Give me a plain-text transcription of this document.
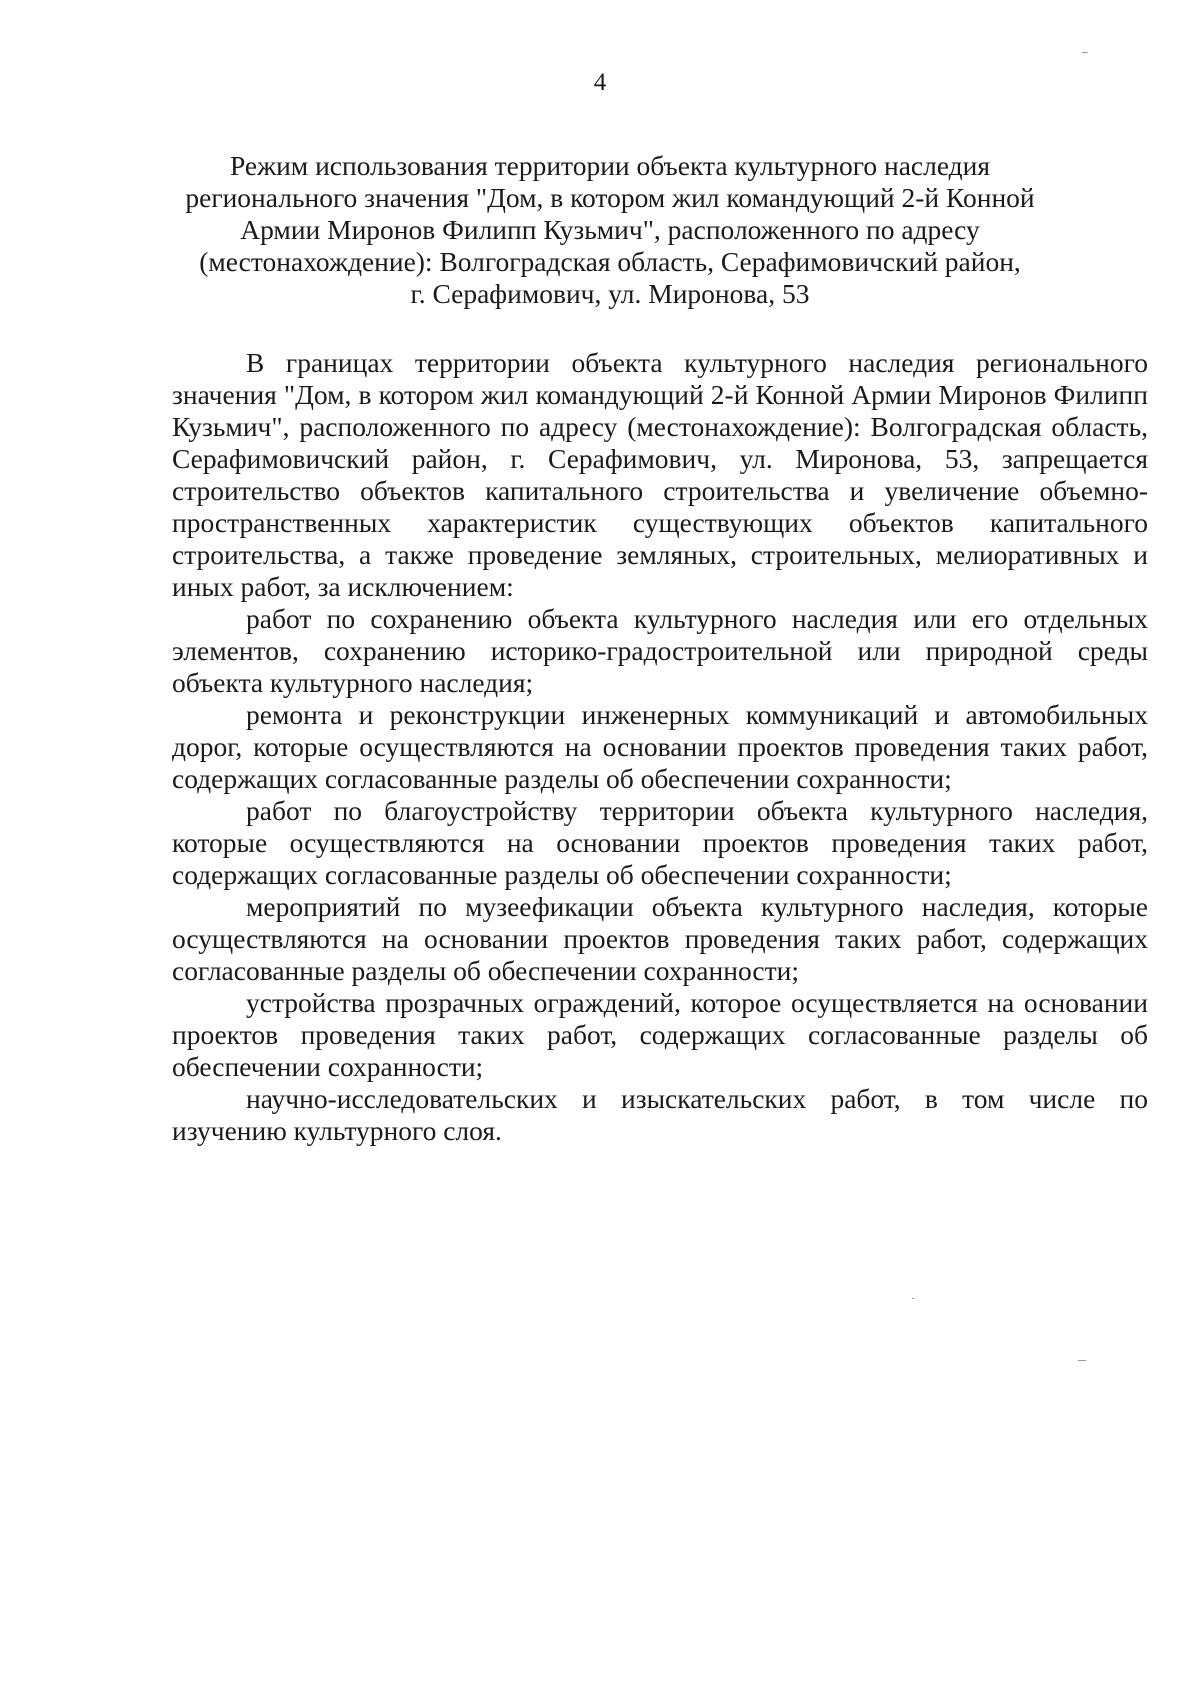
4
Режим использования территории объекта культурного наследия
регионального значения "Дом, в котором жил командующий 2-й Конной
Армии Миронов Филипп Кузьмич", расположенного по адресу
(местонахождение): Волгоградская область, Серафимовичский район,
г. Серафимович, ул. Миронова, 53

В границах территории объекта культурного наследия регионального значения "Дом, в котором жил командующий 2-й Конной Армии Миронов Филипп Кузьмич", расположенного по адресу (местонахождение): Волгоградская область, Серафимовичский район, г. Серафимович, ул. Миронова, 53, запрещается строительство объектов капитального строительства и увеличение объемно-пространственных характеристик существующих объектов капитального строительства, а также проведение земляных, строительных, мелиоративных и иных работ, за исключением:

работ по сохранению объекта культурного наследия или его отдельных элементов, сохранению историко-градостроительной или природной среды объекта культурного наследия;

ремонта и реконструкции инженерных коммуникаций и автомобильных дорог, которые осуществляются на основании проектов проведения таких работ, содержащих согласованные разделы об обеспечении сохранности;

работ по благоустройству территории объекта культурного наследия, которые осуществляются на основании проектов проведения таких работ, содержащих согласованные разделы об обеспечении сохранности;

мероприятий по музеефикации объекта культурного наследия, которые осуществляются на основании проектов проведения таких работ, содержащих согласованные разделы об обеспечении сохранности;

устройства прозрачных ограждений, которое осуществляется на основании проектов проведения таких работ, содержащих согласованные разделы об обеспечении сохранности;

научно-исследовательских и изыскательских работ, в том числе по изучению культурного слоя.
